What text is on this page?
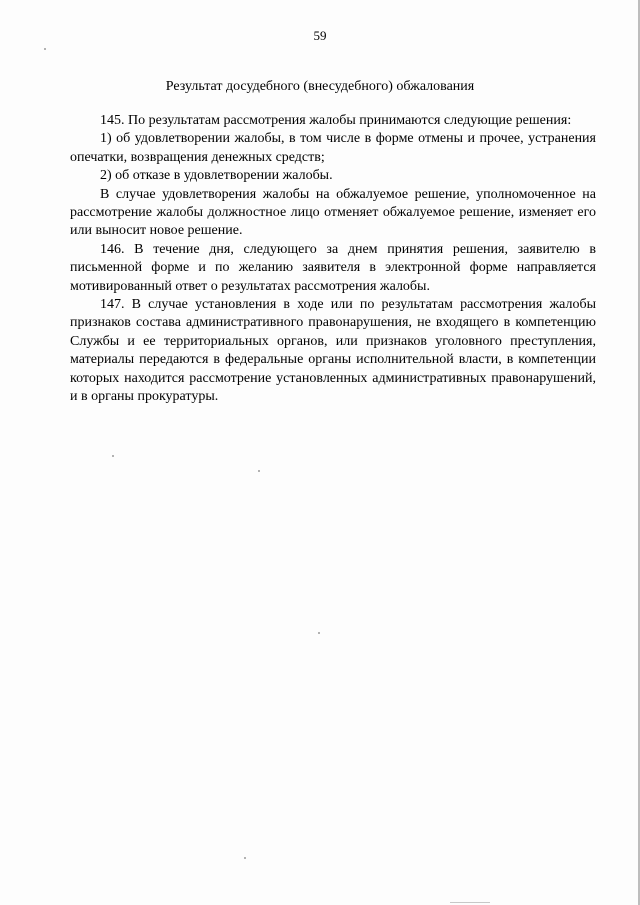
59
Результат досудебного (внесудебного) обжалования

145. По результатам рассмотрения жалобы принимаются следующие решения:

1) об удовлетворении жалобы, в том числе в форме отмены и прочее, устранения опечатки, возвращения денежных средств;

2) об отказе в удовлетворении жалобы.

В случае удовлетворения жалобы на обжалуемое решение, уполномоченное на рассмотрение жалобы должностное лицо отменяет обжалуемое решение, изменяет его или выносит новое решение.

146. В течение дня, следующего за днем принятия решения, заявителю в письменной форме и по желанию заявителя в электронной форме направляется мотивированный ответ о результатах рассмотрения жалобы.

147. В случае установления в ходе или по результатам рассмотрения жалобы признаков состава административного правонарушения, не входящего в компетенцию Службы и ее территориальных органов, или признаков уголовного преступления, материалы передаются в федеральные органы исполнительной власти, в компетенции которых находится рассмотрение установленных административных правонарушений, и в органы прокуратуры.
